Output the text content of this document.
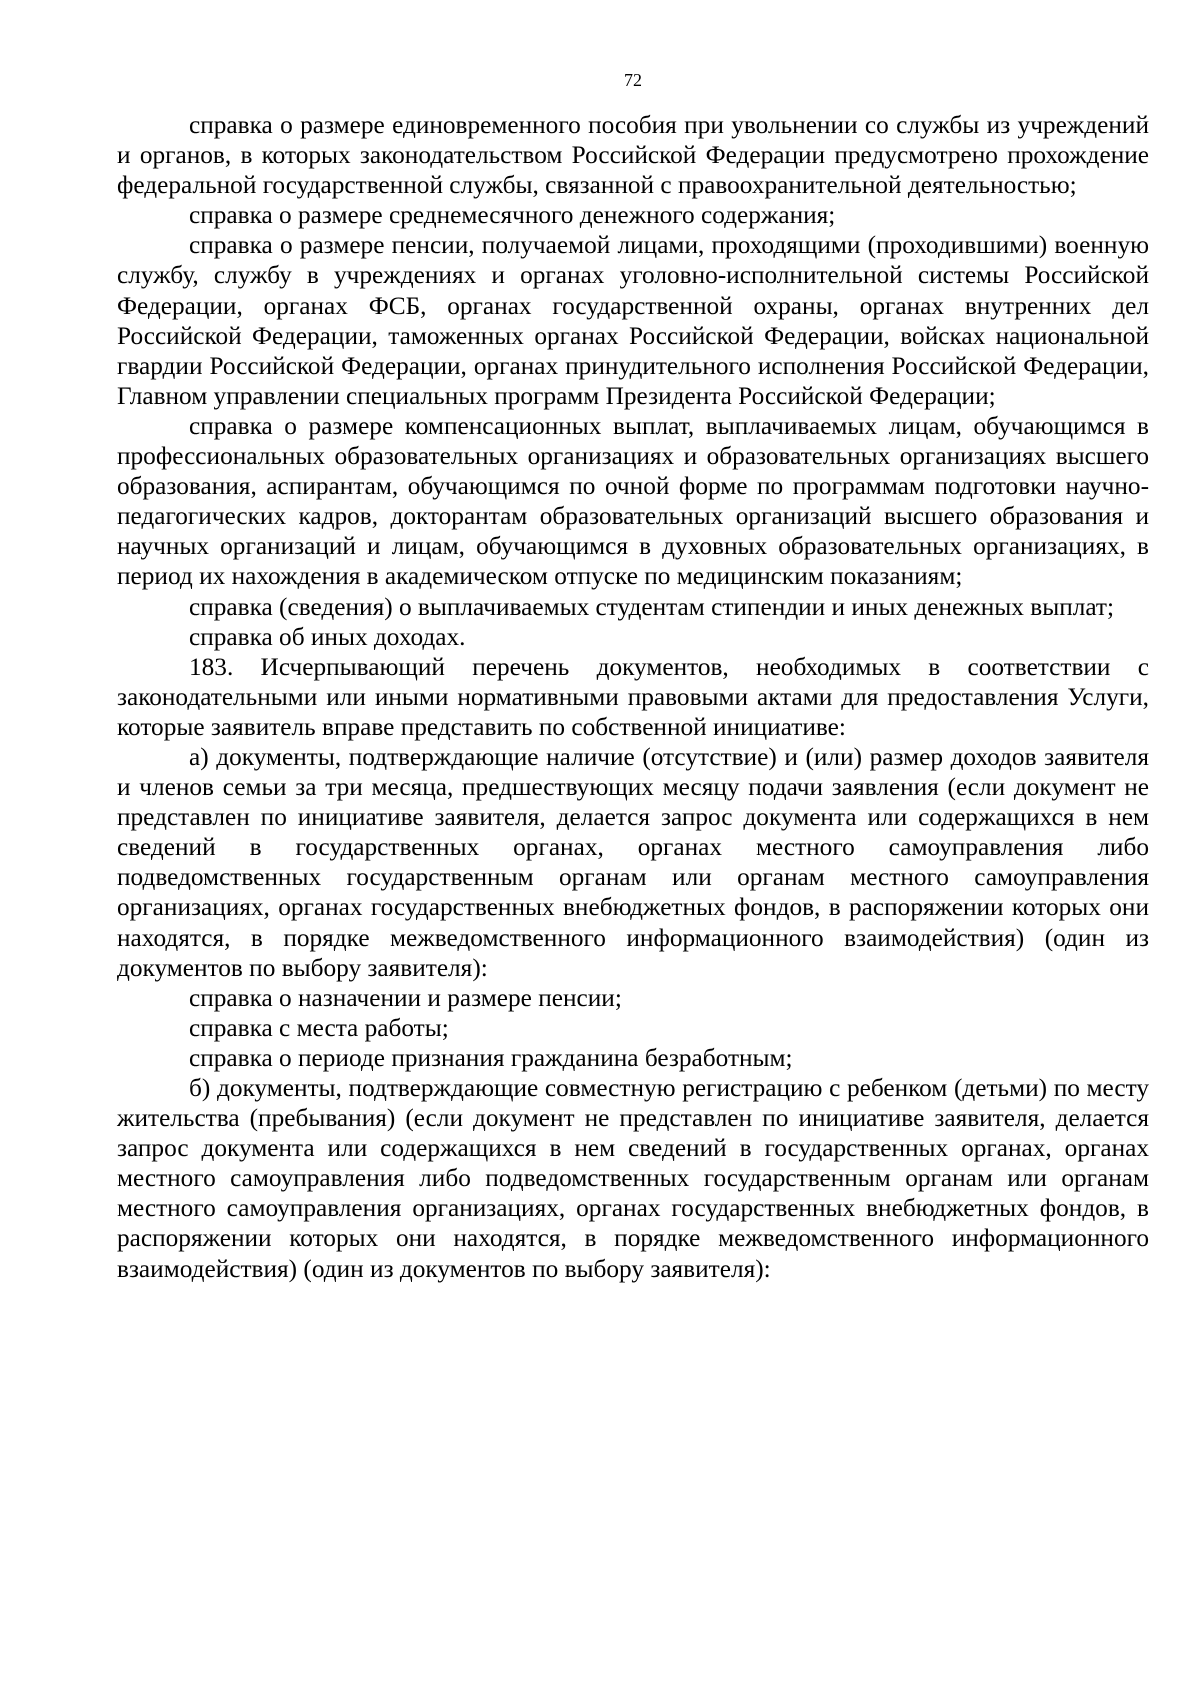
72

справка о размере единовременного пособия при увольнении со службы из учреждений и органов, в которых законодательством Российской Федерации предусмотрено прохождение федеральной государственной службы, связанной с правоохранительной деятельностью;

справка о размере среднемесячного денежного содержания;

справка о размере пенсии, получаемой лицами, проходящими (проходившими) военную службу, службу в учреждениях и органах уголовно-исполнительной системы Российской Федерации, органах ФСБ, органах государственной охраны, органах внутренних дел Российской Федерации, таможенных органах Российской Федерации, войсках национальной гвардии Российской Федерации, органах принудительного исполнения Российской Федерации, Главном управлении специальных программ Президента Российской Федерации;

справка о размере компенсационных выплат, выплачиваемых лицам, обучающимся в профессиональных образовательных организациях и образовательных организациях высшего образования, аспирантам, обучающимся по очной форме по программам подготовки научно-педагогических кадров, докторантам образовательных организаций высшего образования и научных организаций и лицам, обучающимся в духовных образовательных организациях, в период их нахождения в академическом отпуске по медицинским показаниям;

справка (сведения) о выплачиваемых студентам стипендии и иных денежных выплат;

справка об иных доходах.

183. Исчерпывающий перечень документов, необходимых в соответствии с законодательными или иными нормативными правовыми актами для предоставления Услуги, которые заявитель вправе представить по собственной инициативе:

а) документы, подтверждающие наличие (отсутствие) и (или) размер доходов заявителя и членов семьи за три месяца, предшествующих месяцу подачи заявления (если документ не представлен по инициативе заявителя, делается запрос документа или содержащихся в нем сведений в государственных органах, органах местного самоуправления либо подведомственных государственным органам или органам местного самоуправления организациях, органах государственных внебюджетных фондов, в распоряжении которых они находятся, в порядке межведомственного информационного взаимодействия) (один из документов по выбору заявителя):

справка о назначении и размере пенсии;

справка с места работы;

справка о периоде признания гражданина безработным;

б) документы, подтверждающие совместную регистрацию с ребенком (детьми) по месту жительства (пребывания) (если документ не представлен по инициативе заявителя, делается запрос документа или содержащихся в нем сведений в государственных органах, органах местного самоуправления либо подведомственных государственным органам или органам местного самоуправления организациях, органах государственных внебюджетных фондов, в распоряжении которых они находятся, в порядке межведомственного информационного взаимодействия) (один из документов по выбору заявителя):
